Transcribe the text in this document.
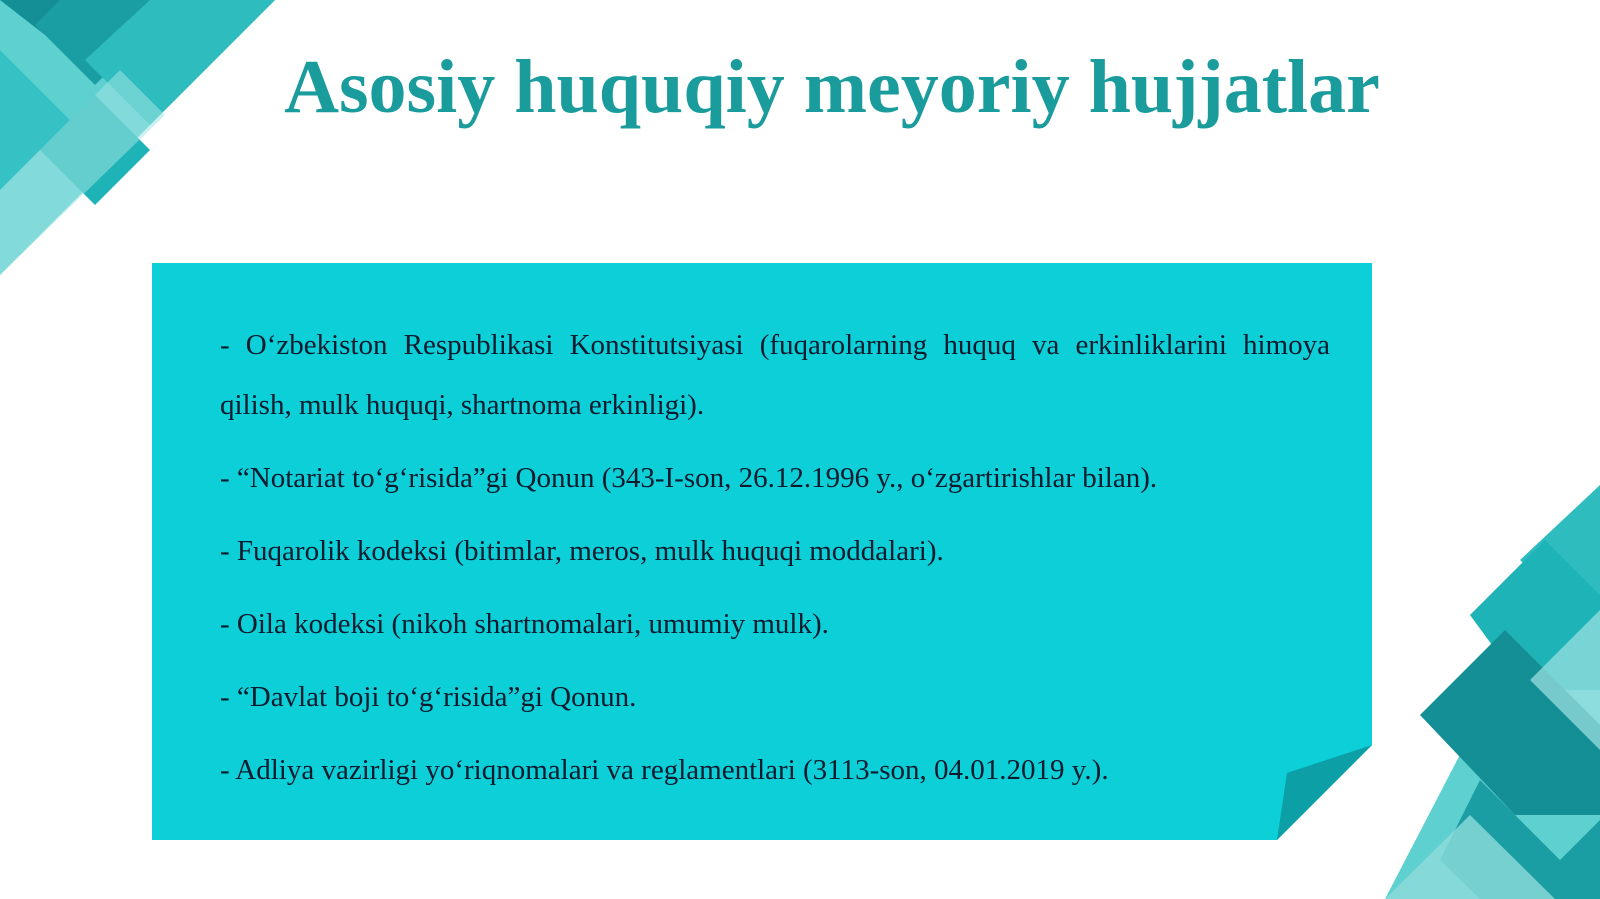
Asosiy huquqiy meyoriy hujjatlar
- O‘zbekiston Respublikasi Konstitutsiyasi (fuqarolarning huquq va erkinliklarini himoya qilish, mulk huquqi, shartnoma erkinligi).
- “Notariat to‘g‘risida”gi Qonun (343-I-son, 26.12.1996 y., o‘zgartirishlar bilan).
- Fuqarolik kodeksi (bitimlar, meros, mulk huquqi moddalari).
- Oila kodeksi (nikoh shartnomalari, umumiy mulk).
- “Davlat boji to‘g‘risida”gi Qonun.
- Adliya vazirligi yo‘riqnomalari va reglamentlari (3113-son, 04.01.2019 y.).
